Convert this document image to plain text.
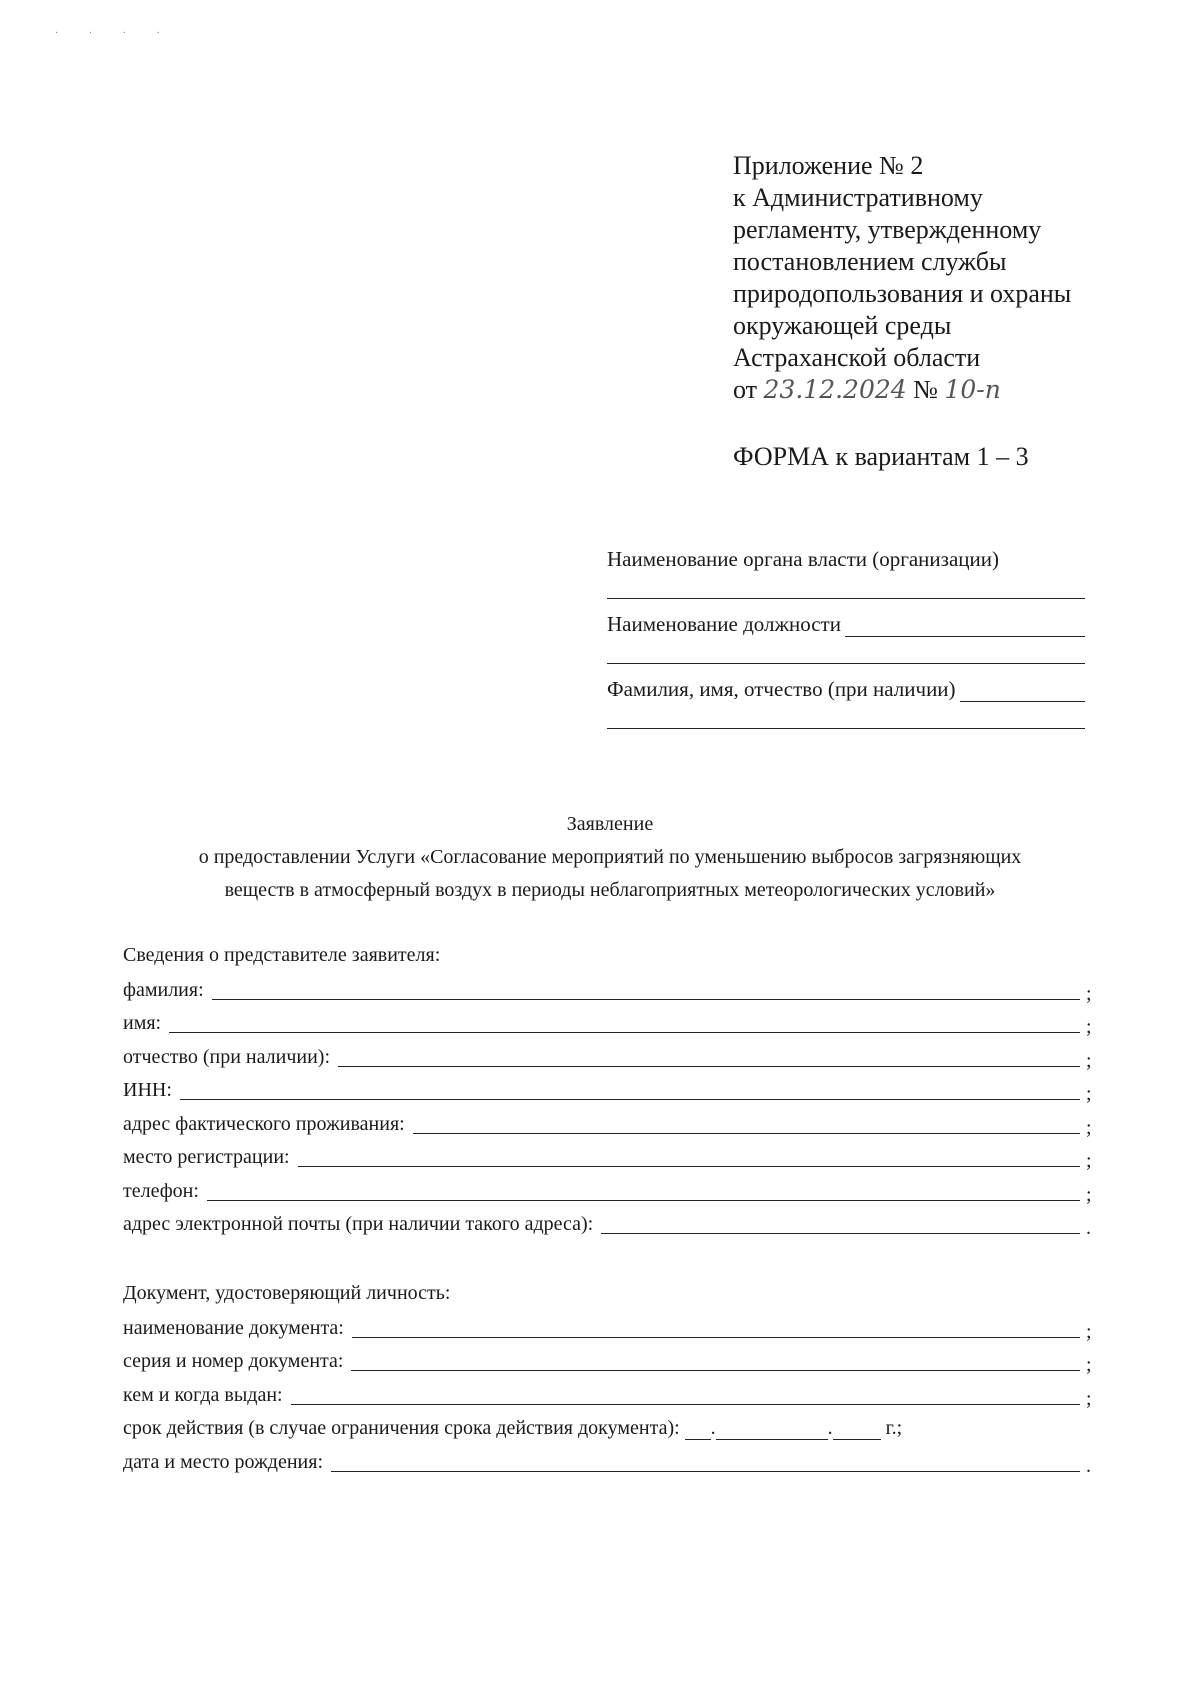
· · · ·
Приложение № 2
к Административному
регламенту, утвержденному
постановлением службы
природопользования и охраны
окружающей среды
Астраханской области
от 23.12.2024 № 10-п
ФОРМА к вариантам 1 – 3
Наименование органа власти (организации)
Наименование должности
Фамилия, имя, отчество (при наличии)
Заявление
о предоставлении Услуги «Согласование мероприятий по уменьшению выбросов загрязняющих
веществ в атмосферный воздух в периоды неблагоприятных метеорологических условий»
Сведения о представителе заявителя:
фамилия:	;
имя:	;
отчество (при наличии):	;
ИНН:	;
адрес фактического проживания:	;
место регистрации:	;
телефон:	;
адрес электронной почты (при наличии такого адреса):	.
Документ, удостоверяющий личность:
наименование документа:	;
серия и номер документа:	;
кем и когда выдан:	;
срок действия (в случае ограничения срока действия документа): .	.	г.;
дата и место рождения:	.
